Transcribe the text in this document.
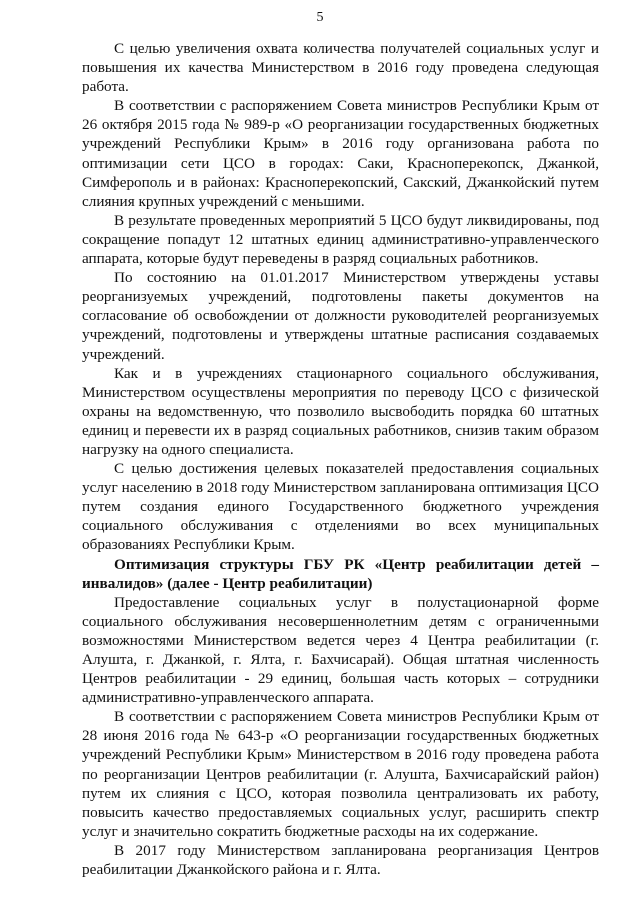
5

С целью увеличения охвата количества получателей социальных услуг и повышения их качества Министерством в 2016 году проведена следующая работа.

В соответствии с распоряжением Совета министров Республики Крым от 26 октября 2015 года № 989-р «О реорганизации государственных бюджетных учреждений Республики Крым» в 2016 году организована работа по оптимизации сети ЦСО в городах: Саки, Красноперекопск, Джанкой, Симферополь и в районах: Красноперекопский, Сакский, Джанкойский путем слияния крупных учреждений с меньшими.

В результате проведенных мероприятий 5 ЦСО будут ликвидированы, под сокращение попадут 12 штатных единиц административно-управленческого аппарата, которые будут переведены в разряд социальных работников.

По состоянию на 01.01.2017 Министерством утверждены уставы реорганизуемых учреждений, подготовлены пакеты документов на согласование об освобождении от должности руководителей реорганизуемых учреждений, подготовлены и утверждены штатные расписания создаваемых учреждений.

Как и в учреждениях стационарного социального обслуживания, Министерством осуществлены мероприятия по переводу ЦСО с физической охраны на ведомственную, что позволило высвободить порядка 60 штатных единиц и перевести их в разряд социальных работников, снизив таким образом нагрузку на одного специалиста.

С целью достижения целевых показателей предоставления социальных услуг населению в 2018 году Министерством запланирована оптимизация ЦСО путем создания единого Государственного бюджетного учреждения социального обслуживания с отделениями во всех муниципальных образованиях Республики Крым.

Оптимизация структуры ГБУ РК «Центр реабилитации детей – инвалидов» (далее - Центр реабилитации)

Предоставление социальных услуг в полустационарной форме социального обслуживания несовершеннолетним детям с ограниченными возможностями Министерством ведется через 4 Центра реабилитации (г. Алушта, г. Джанкой, г. Ялта, г. Бахчисарай). Общая штатная численность Центров реабилитации - 29 единиц, большая часть которых – сотрудники административно-управленческого аппарата.

В соответствии с распоряжением Совета министров Республики Крым от 28 июня 2016 года № 643-р «О реорганизации государственных бюджетных учреждений Республики Крым» Министерством в 2016 году проведена работа по реорганизации Центров реабилитации (г. Алушта, Бахчисарайский район) путем их слияния с ЦСО, которая позволила централизовать их работу, повысить качество предоставляемых социальных услуг, расширить спектр услуг и значительно сократить бюджетные расходы на их содержание.

В 2017 году Министерством запланирована реорганизация Центров реабилитации Джанкойского района и г. Ялта.
